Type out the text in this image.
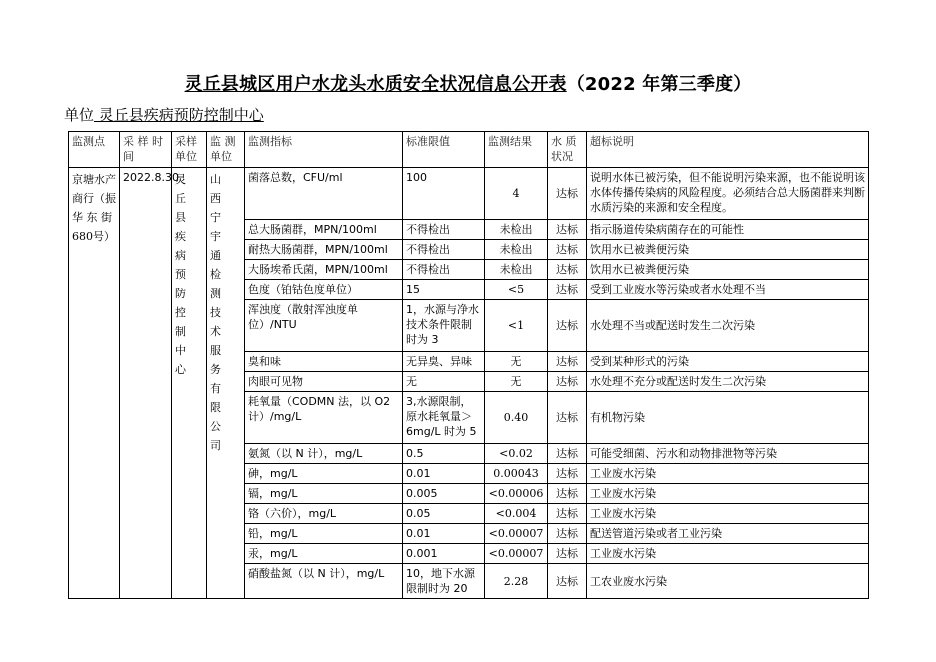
灵丘县城区用户水龙头水质安全状况信息公开表（2022 年第三季度）
单位 灵丘县疾病预防控制中心
监测点	采 样 时间	采样单位	监 测单位	监测指标	标准限值	监测结果	水 质状况	超标说明
京塘水产商行（振华 东 街680号）	2022.8.30	灵丘县疾病预防控制中心	山西宁宇通检测技术服务有限公司	菌落总数，CFU/ml	100	4	达标	说明水体已被污染，但不能说明污染来源，也不能说明该水体传播传染病的风险程度。必须结合总大肠菌群来判断水质污染的来源和安全程度。
				总大肠菌群，MPN/100ml	不得检出	未检出	达标	指示肠道传染病菌存在的可能性
				耐热大肠菌群，MPN/100ml	不得检出	未检出	达标	饮用水已被粪便污染
				大肠埃希氏菌，MPN/100ml	不得检出	未检出	达标	饮用水已被粪便污染
				色度（铂钴色度单位）	15	<5	达标	受到工业废水等污染或者水处理不当
				浑浊度（散射浑浊度单位）/NTU	1，水源与净水技术条件限制时为 3	<1	达标	水处理不当或配送时发生二次污染
				臭和味	无异臭、异味	无	达标	受到某种形式的污染
				肉眼可见物	无	无	达标	水处理不充分或配送时发生二次污染
				耗氧量（CODMN 法，以 O2 计）/mg/L	3,水源限制，原水耗氧量＞6mg/L 时为 5	0.40	达标	有机物污染
				氨氮（以 N 计），mg/L	0.5	<0.02	达标	可能受细菌、污水和动物排泄物等污染
				砷，mg/L	0.01	0.00043	达标	工业废水污染
				镉，mg/L	0.005	<0.00006	达标	工业废水污染
				铬（六价），mg/L	0.05	<0.004	达标	工业废水污染
				铅，mg/L	0.01	<0.00007	达标	配送管道污染或者工业污染
				汞，mg/L	0.001	<0.00007	达标	工业废水污染
				硝酸盐氮（以 N 计），mg/L	10，地下水源限制时为 20	2.28	达标	工农业废水污染
